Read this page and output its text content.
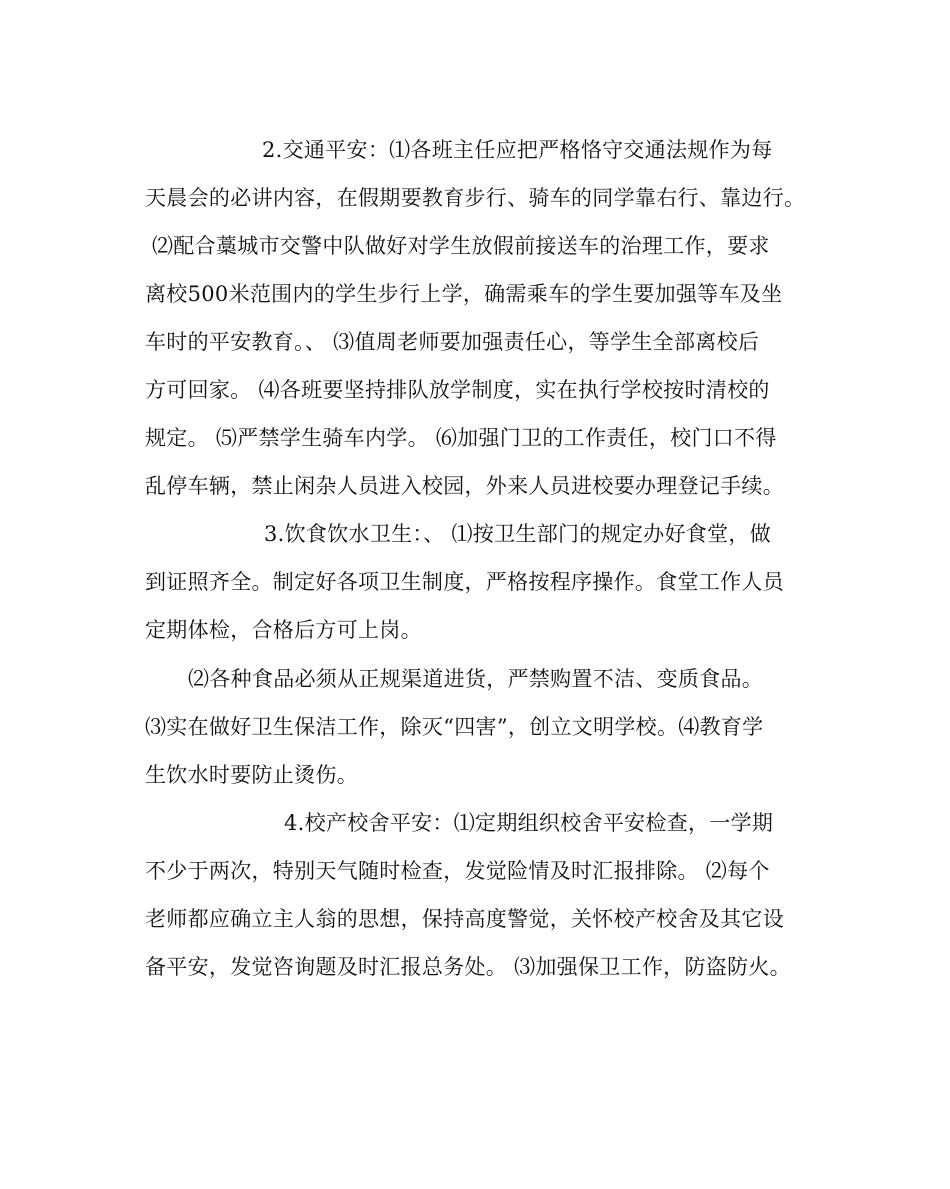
2.交通平安：⑴各班主任应把严格恪守交通法规作为每
天晨会的必讲内容，在假期要教育步行、骑车的同学靠右行、靠边行。
⑵配合藁城市交警中队做好对学生放假前接送车的治理工作，要求
离校500米范围内的学生步行上学，确需乘车的学生要加强等车及坐
车时的平安教育。、 ⑶值周老师要加强责任心，等学生全部离校后
方可回家。 ⑷各班要坚持排队放学制度，实在执行学校按时清校的
规定。 ⑸严禁学生骑车内学。 ⑹加强门卫的工作责任，校门口不得
乱停车辆，禁止闲杂人员进入校园，外来人员进校要办理登记手续。
3.饮食饮水卫生：、 ⑴按卫生部门的规定办好食堂，做
到证照齐全。制定好各项卫生制度，严格按程序操作。食堂工作人员
定期体检，合格后方可上岗。
⑵各种食品必须从正规渠道进货，严禁购置不洁、变质食品。
⑶实在做好卫生保洁工作，除灭“四害”，创立文明学校。⑷教育学
生饮水时要防止烫伤。
4.校产校舍平安：⑴定期组织校舍平安检查，一学期
不少于两次，特别天气随时检查，发觉险情及时汇报排除。 ⑵每个
老师都应确立主人翁的思想，保持高度警觉，关怀校产校舍及其它设
备平安，发觉咨询题及时汇报总务处。 ⑶加强保卫工作，防盗防火。
